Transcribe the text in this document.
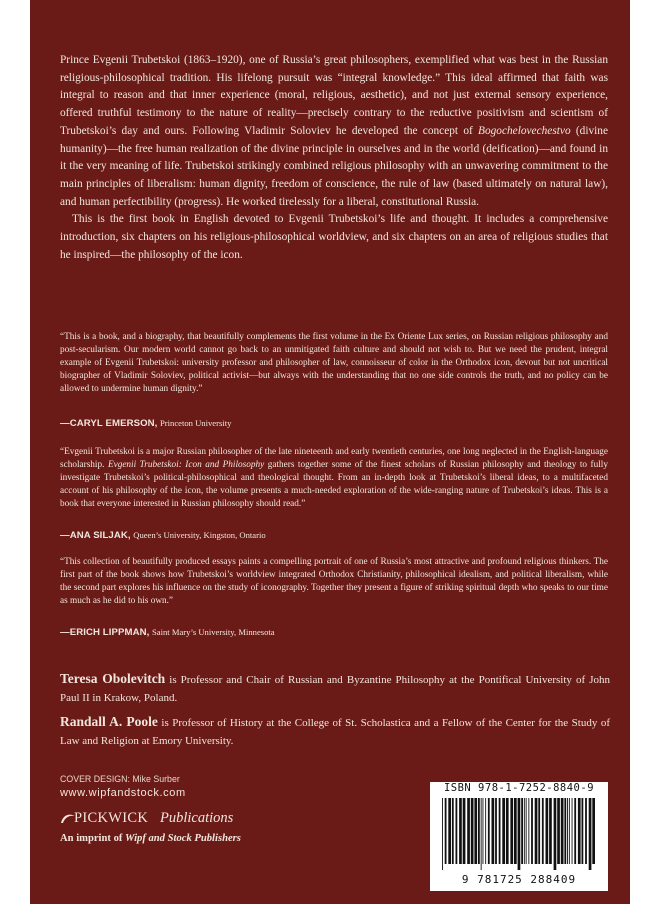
Prince Evgenii Trubetskoi (1863–1920), one of Russia’s great philosophers, exemplified what was best in the Russian religious-philosophical tradition. His lifelong pursuit was “integral knowledge.” This ideal affirmed that faith was integral to reason and that inner experience (moral, religious, aesthetic), and not just external sensory experience, offered truthful testimony to the nature of reality—precisely contrary to the reductive positivism and scientism of Trubetskoi’s day and ours. Following Vladimir Soloviev he developed the concept of Bogochelovechestvo (divine humanity)—the free human realization of the divine principle in ourselves and in the world (deification)—and found in it the very meaning of life. Trubetskoi strikingly combined religious philosophy with an unwavering commitment to the main principles of liberalism: human dignity, freedom of conscience, the rule of law (based ultimately on natural law), and human perfectibility (progress). He worked tirelessly for a liberal, constitutional Russia.

This is the first book in English devoted to Evgenii Trubetskoi’s life and thought. It includes a comprehensive introduction, six chapters on his religious-philosophical worldview, and six chapters on an area of religious studies that he inspired—the philosophy of the icon.

“This is a book, and a biography, that beautifully complements the first volume in the Ex Oriente Lux series, on Russian religious philosophy and post-secularism. Our modern world cannot go back to an unmitigated faith culture and should not wish to. But we need the prudent, integral example of Evgenii Trubetskoi: university professor and philosopher of law, connoisseur of color in the Orthodox icon, devout but not uncritical biographer of Vladimir Soloviev, political activist—but always with the understanding that no one side controls the truth, and no policy can be allowed to undermine human dignity.”

—CARYL EMERSON, Princeton University

“Evgenii Trubetskoi is a major Russian philosopher of the late nineteenth and early twentieth centuries, one long neglected in the English-language scholarship. Evgenii Trubetskoi: Icon and Philosophy gathers together some of the finest scholars of Russian philosophy and theology to fully investigate Trubetskoi’s political-philosophical and theological thought. From an in-depth look at Trubetskoi’s liberal ideas, to a multifaceted account of his philosophy of the icon, the volume presents a much-needed exploration of the wide-ranging nature of Trubetskoi’s ideas. This is a book that everyone interested in Russian philosophy should read.”

—ANA SILJAK, Queen’s University, Kingston, Ontario

“This collection of beautifully produced essays paints a compelling portrait of one of Russia’s most attractive and profound religious thinkers. The first part of the book shows how Trubetskoi’s worldview integrated Orthodox Christianity, philosophical idealism, and political liberalism, while the second part explores his influence on the study of iconography. Together they present a figure of striking spiritual depth who speaks to our time as much as he did to his own.”

—ERICH LIPPMAN, Saint Mary’s University, Minnesota

Teresa Obolevitch is Professor and Chair of Russian and Byzantine Philosophy at the Pontifical University of John Paul II in Krakow, Poland.

Randall A. Poole is Professor of History at the College of St. Scholastica and a Fellow of the Center for the Study of Law and Religion at Emory University.

COVER DESIGN: Mike Surber
www.wipfandstock.com
PICKWICK Publications
An imprint of Wipf and Stock Publishers
ISBN 978-1-7252-8840-9
9 781725 288409
